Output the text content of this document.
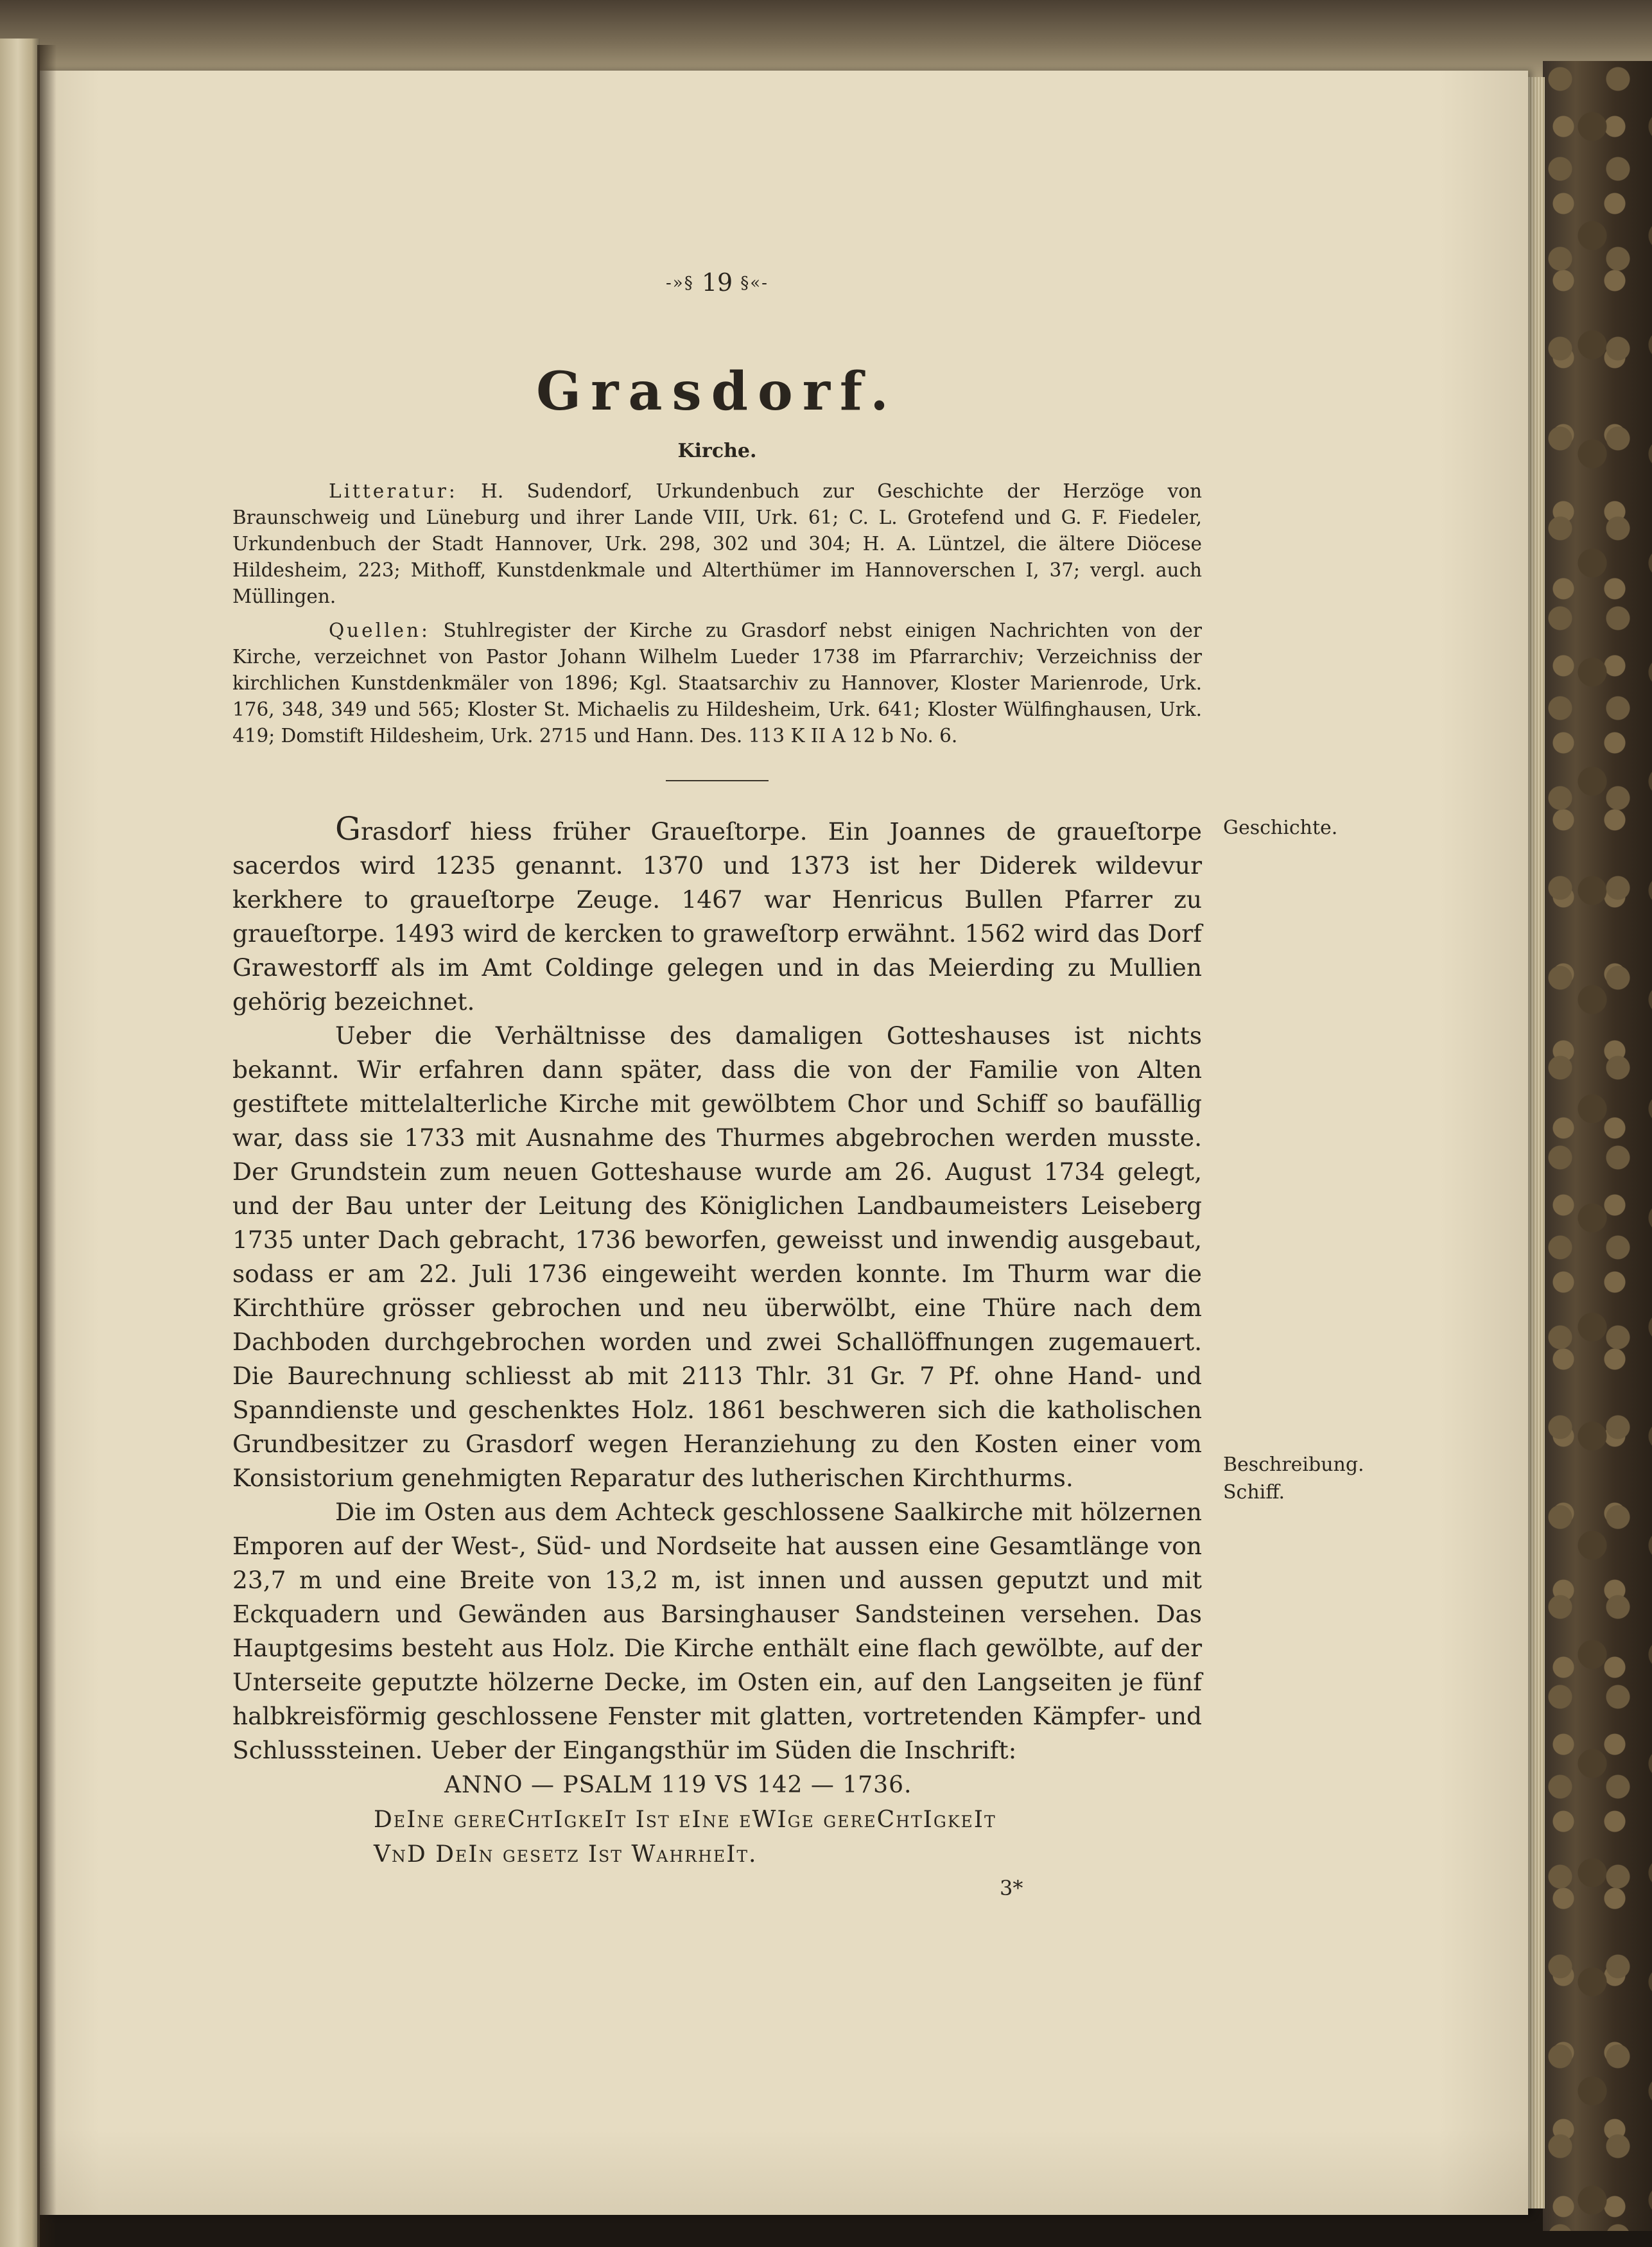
-»§ 19 §«-
Grasdorf.
Kirche.

Litteratur: H. Sudendorf, Urkundenbuch zur Geschichte der Herzöge von Braunschweig und Lüneburg und ihrer Lande VIII, Urk. 61; C. L. Grotefend und G. F. Fiedeler, Urkundenbuch der Stadt Hannover, Urk. 298, 302 und 304; H. A. Lüntzel, die ältere Diöcese Hildesheim, 223; Mithoff, Kunstdenkmale und Alterthümer im Hannoverschen I, 37; vergl. auch Müllingen.

Quellen: Stuhlregister der Kirche zu Grasdorf nebst einigen Nachrichten von der Kirche, verzeichnet von Pastor Johann Wilhelm Lueder 1738 im Pfarrarchiv; Verzeichniss der kirchlichen Kunstdenkmäler von 1896; Kgl. Staatsarchiv zu Hannover, Kloster Marienrode, Urk. 176, 348, 349 und 565; Kloster St. Michaelis zu Hildesheim, Urk. 641; Kloster Wülfinghausen, Urk. 419; Domstift Hildesheim, Urk. 2715 und Hann. Des. 113 K II A 12 b No. 6.

Grasdorf hiess früher Graueſtorpe. Ein Joannes de graueſtorpe sacerdos wird 1235 genannt. 1370 und 1373 ist her Diderek wildevur kerkhere to graueſtorpe Zeuge. 1467 war Henricus Bullen Pfarrer zu graueſtorpe. 1493 wird de kercken to graweſtorp erwähnt. 1562 wird das Dorf Grawestorff als im Amt Coldinge gelegen und in das Meierding zu Mullien gehörig bezeichnet.

Ueber die Verhältnisse des damaligen Gotteshauses ist nichts bekannt. Wir erfahren dann später, dass die von der Familie von Alten gestiftete mittelalterliche Kirche mit gewölbtem Chor und Schiff so baufällig war, dass sie 1733 mit Ausnahme des Thurmes abgebrochen werden musste. Der Grundstein zum neuen Gotteshause wurde am 26. August 1734 gelegt, und der Bau unter der Leitung des Königlichen Landbaumeisters Leiseberg 1735 unter Dach gebracht, 1736 beworfen, geweisst und inwendig ausgebaut, sodass er am 22. Juli 1736 eingeweiht werden konnte. Im Thurm war die Kirchthüre grösser gebrochen und neu überwölbt, eine Thüre nach dem Dachboden durchgebrochen worden und zwei Schallöffnungen zugemauert. Die Baurechnung schliesst ab mit 2113 Thlr. 31 Gr. 7 Pf. ohne Hand- und Spanndienste und geschenktes Holz. 1861 beschweren sich die katholischen Grundbesitzer zu Grasdorf wegen Heranziehung zu den Kosten einer vom Konsistorium genehmigten Reparatur des lutherischen Kirchthurms.

Die im Osten aus dem Achteck geschlossene Saalkirche mit hölzernen Emporen auf der West-, Süd- und Nordseite hat aussen eine Gesamtlänge von 23,7 m und eine Breite von 13,2 m, ist innen und aussen geputzt und mit Eckquadern und Gewänden aus Barsinghauser Sandsteinen versehen. Das Hauptgesims besteht aus Holz. Die Kirche enthält eine flach gewölbte, auf der Unterseite geputzte hölzerne Decke, im Osten ein, auf den Langseiten je fünf halbkreisförmig geschlossene Fenster mit glatten, vortretenden Kämpfer- und Schlusssteinen. Ueber der Eingangsthür im Süden die Inschrift:

ANNO — PSALM 119 VS 142 — 1736.
DeIne gereChtIgkeIt Ist eIne eWIge gereChtIgkeIt
VnD DeIn gesetz Ist WahrheIt.
3*
Geschichte.
Beschreibung.
Schiff.
